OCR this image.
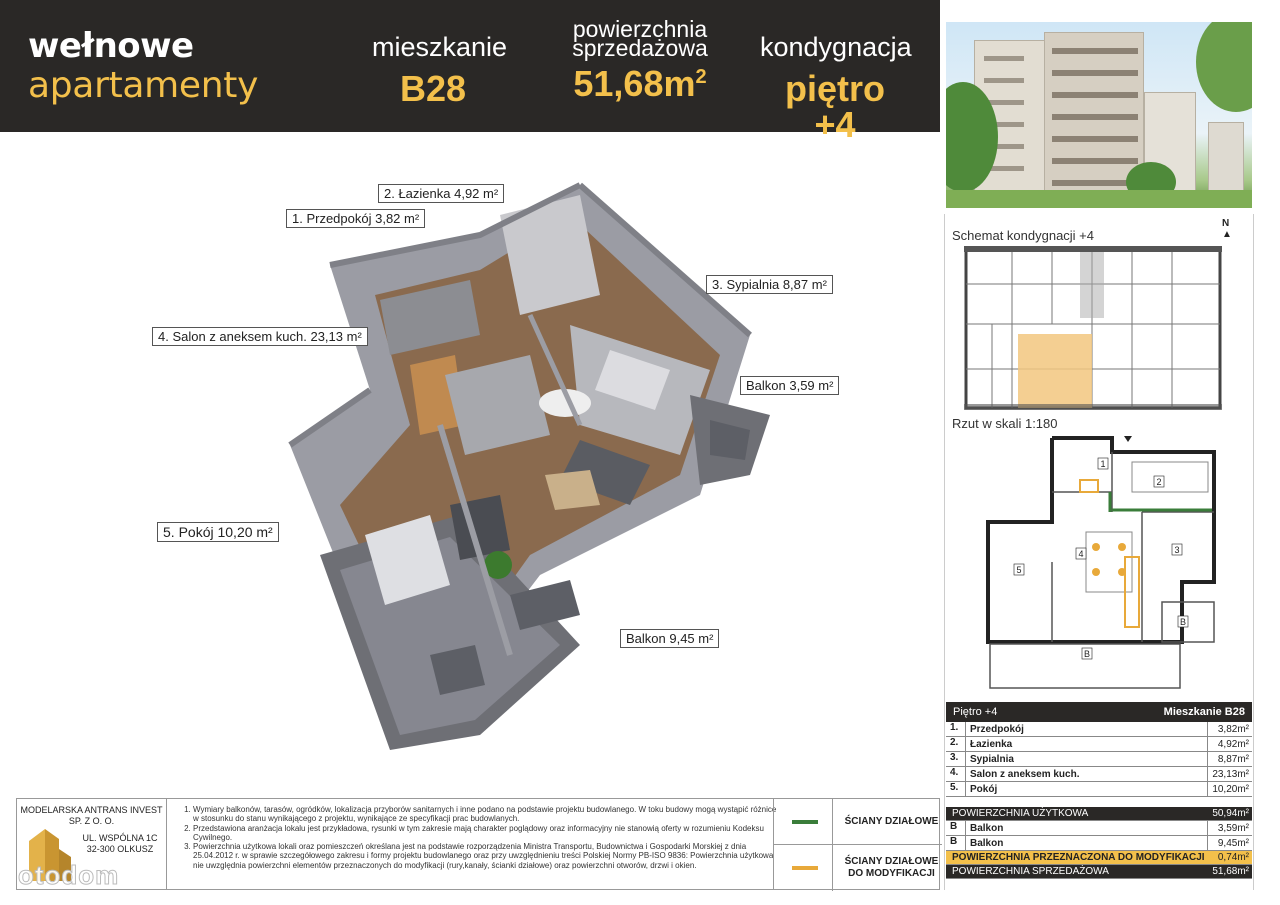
wełnowe
apartamenty
mieszkanie
B28
powierzchnia
sprzedażowa
$51,68m^2$
kondygnacja
piętro +4
2. Łazienka 4,92 m²
1. Przedpokój 3,82 m²
3. Sypialnia 8,87 m²
4. Salon z aneksem kuch. 23,13 m²
Balkon 3,59 m²
5. Pokój 10,20 m²
Balkon 9,45 m²
Schemat kondygnacji +4
N
▲
Rzut w skali 1:180
1
2
3
4
5
B
B
Piętro +4	Mieszkanie B28
1.	Przedpokój	3,82m²
2.	Łazienka	4,92m²
3.	Sypialnia	8,87m²
4.	Salon z aneksem kuch.	23,13m²
5.	Pokój	10,20m²
POWIERZCHNIA UŻYTKOWA	50,94m²
B	Balkon	3,59m²
B	Balkon	9,45m²
POWIERZCHNIA PRZEZNACZONA DO MODYFIKACJI	0,74m²
POWIERZCHNIA SPRZEDAŻOWA	51,68m²
MODELARSKA ANTRANS INVEST
SP. Z O. O.
UL. WSPÓLNA 1C
32-300 OLKUSZ
1. Wymiary balkonów, tarasów, ogródków, lokalizacja przyborów sanitarnych i inne podano na podstawie projektu budowlanego. W toku budowy mogą wystąpić różnice w stosunku do stanu wynikającego z projektu, wynikające ze specyfikacji prac budowlanych.
2. Przedstawiona aranżacja lokalu jest przykładowa, rysunki w tym zakresie mają charakter poglądowy oraz informacyjny nie stanowią oferty w rozumieniu Kodeksu Cywilnego.
3. Powierzchnia użytkowa lokali oraz pomieszczeń określana jest na podstawie rozporządzenia Ministra Transportu, Budownictwa i Gospodarki Morskiej z dnia 25.04.2012 r. w sprawie szczegółowego zakresu i formy projektu budowlanego oraz przy uwzględnieniu treści Polskiej Normy PB-ISO 9836: Powierzchnia użytkowa nie uwzględnia powierzchni elementów przeznaczonych do modyfikacji (rury,kanały, ścianki działowe) oraz powierzchni otworów, drzwi i okien.
ŚCIANY DZIAŁOWE
ŚCIANY DZIAŁOWE
DO MODYFIKACJI
otodom
